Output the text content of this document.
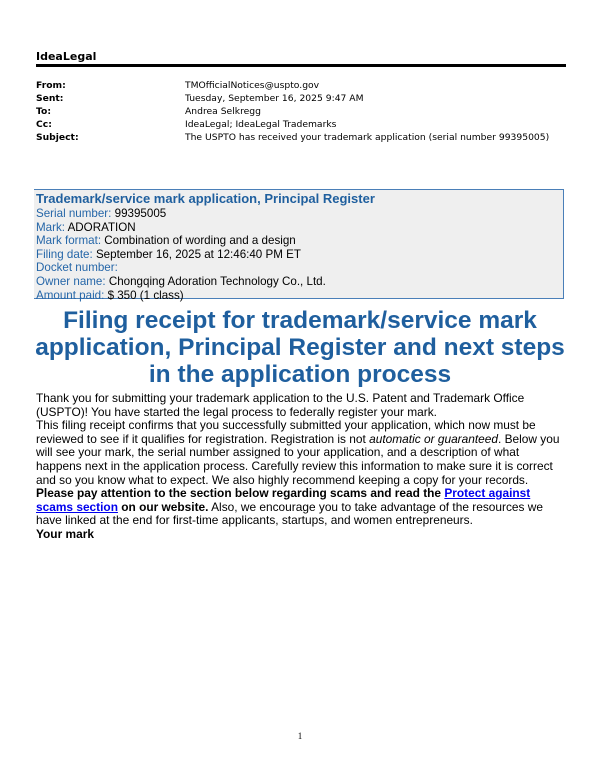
IdeaLegal
From:	TMOfficialNotices@uspto.gov
Sent:	Tuesday, September 16, 2025 9:47 AM
To:	Andrea Selkregg
Cc:	IdeaLegal; IdeaLegal Trademarks
Subject:	The USPTO has received your trademark application (serial number 99395005)
Trademark/service mark application, Principal Register
Serial number: 99395005
Mark: ADORATION
Mark format: Combination of wording and a design
Filing date: September 16, 2025 at 12:46:40 PM ET
Docket number:
Owner name: Chongqing Adoration Technology Co., Ltd.
Amount paid: $ 350 (1 class)
Filing receipt for trademark/service mark application, Principal Register and next steps in the application process

Thank you for submitting your trademark application to the U.S. Patent and Trademark Office (USPTO)! You have started the legal process to federally register your mark.

This filing receipt confirms that you successfully submitted your application, which now must be reviewed to see if it qualifies for registration. Registration is not automatic or guaranteed. Below you will see your mark, the serial number assigned to your application, and a description of what happens next in the application process. Carefully review this information to make sure it is correct and so you know what to expect. We also highly recommend keeping a copy for your records.

Please pay attention to the section below regarding scams and read the Protect against scams section on our website. Also, we encourage you to take advantage of the resources we have linked at the end for first-time applicants, startups, and women entrepreneurs.

Your mark

1
